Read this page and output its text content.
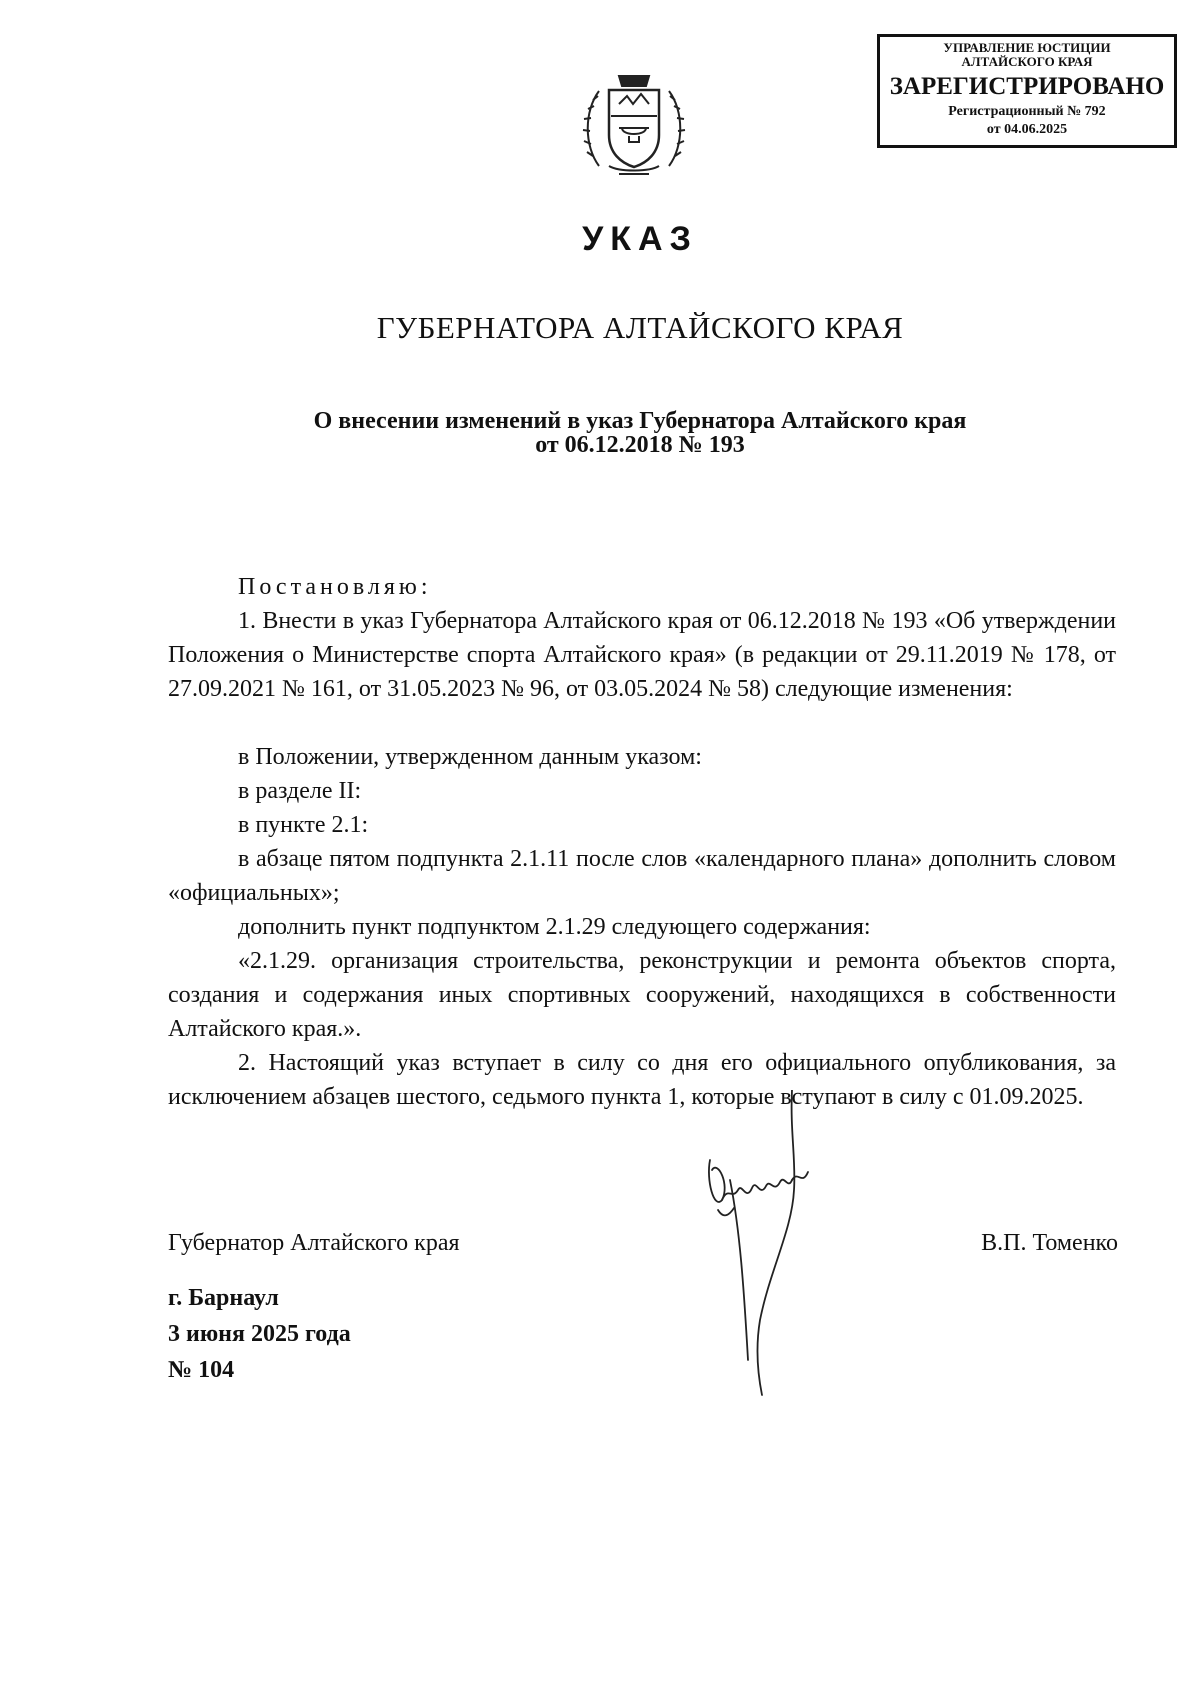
УПРАВЛЕНИЕ ЮСТИЦИИ
АЛТАЙСКОГО КРАЯ
ЗАРЕГИСТРИРОВАНО
Регистрационный № 792
от 04.06.2025
УКАЗ
ГУБЕРНАТОРА АЛТАЙСКОГО КРАЯ
О внесении изменений в указ Губернатора Алтайского края
от 06.12.2018 № 193

Постановляю:

1. Внести в указ Губернатора Алтайского края от 06.12.2018 № 193 «Об утверждении Положения о Министерстве спорта Алтайского края» (в редакции от 29.11.2019 № 178, от 27.09.2021 № 161, от 31.05.2023 № 96, от 03.05.2024 № 58) следующие изменения:

в Положении, утвержденном данным указом:

в разделе II:

в пункте 2.1:

в абзаце пятом подпункта 2.1.11 после слов «календарного плана» дополнить словом «официальных»;

дополнить пункт подпунктом 2.1.29 следующего содержания:

«2.1.29. организация строительства, реконструкции и ремонта объектов спорта, создания и содержания иных спортивных сооружений, находящихся в собственности Алтайского края.».

2. Настоящий указ вступает в силу со дня его официального опубликования, за исключением абзацев шестого, седьмого пункта 1, которые вступают в силу с 01.09.2025.

Губернатор Алтайского края	В.П. Томенко
г. Барнаул
3 июня 2025 года
№ 104
